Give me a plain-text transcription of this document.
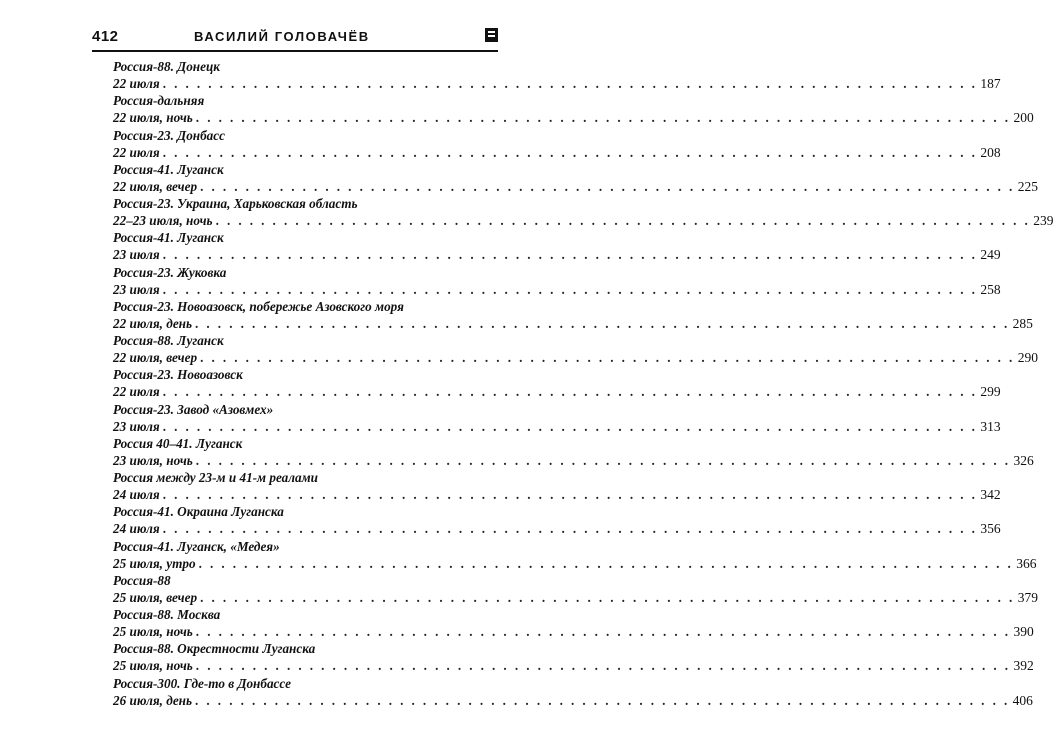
412	ВАСИЛИЙ ГОЛОВАЧЁВ
Россия-88. Донецк
22 июля . . . . . . . . . . . . . . . . . . . . . . . . . . . . . . . . . . . . . . . . . . . . . . . . . . . . . . . . . . . . . . . . . . . . . . . . 187
Россия-дальняя
22 июля, ночь . . . . . . . . . . . . . . . . . . . . . . . . . . . . . . . . . . . . . . . . . . . . . . . . . . . . . . . . . . . . . . . . . . . . . . . . 200
Россия-23. Донбасс
22 июля . . . . . . . . . . . . . . . . . . . . . . . . . . . . . . . . . . . . . . . . . . . . . . . . . . . . . . . . . . . . . . . . . . . . . . . . 208
Россия-41. Луганск
22 июля, вечер . . . . . . . . . . . . . . . . . . . . . . . . . . . . . . . . . . . . . . . . . . . . . . . . . . . . . . . . . . . . . . . . . . . . . . . . 225
Россия-23. Украина, Харьковская область
22–23 июля, ночь . . . . . . . . . . . . . . . . . . . . . . . . . . . . . . . . . . . . . . . . . . . . . . . . . . . . . . . . . . . . . . . . . . . . . . . . 239
Россия-41. Луганск
23 июля . . . . . . . . . . . . . . . . . . . . . . . . . . . . . . . . . . . . . . . . . . . . . . . . . . . . . . . . . . . . . . . . . . . . . . . . 249
Россия-23. Жуковка
23 июля . . . . . . . . . . . . . . . . . . . . . . . . . . . . . . . . . . . . . . . . . . . . . . . . . . . . . . . . . . . . . . . . . . . . . . . . 258
Россия-23. Новоазовск, побережье Азовского моря
22 июля, день . . . . . . . . . . . . . . . . . . . . . . . . . . . . . . . . . . . . . . . . . . . . . . . . . . . . . . . . . . . . . . . . . . . . . . . . 285
Россия-88. Луганск
22 июля, вечер . . . . . . . . . . . . . . . . . . . . . . . . . . . . . . . . . . . . . . . . . . . . . . . . . . . . . . . . . . . . . . . . . . . . . . . . 290
Россия-23. Новоазовск
22 июля . . . . . . . . . . . . . . . . . . . . . . . . . . . . . . . . . . . . . . . . . . . . . . . . . . . . . . . . . . . . . . . . . . . . . . . . 299
Россия-23. Завод «Азовмех»
23 июля . . . . . . . . . . . . . . . . . . . . . . . . . . . . . . . . . . . . . . . . . . . . . . . . . . . . . . . . . . . . . . . . . . . . . . . . 313
Россия 40–41. Луганск
23 июля, ночь . . . . . . . . . . . . . . . . . . . . . . . . . . . . . . . . . . . . . . . . . . . . . . . . . . . . . . . . . . . . . . . . . . . . . . . . 326
Россия между 23-м и 41-м реалами
24 июля . . . . . . . . . . . . . . . . . . . . . . . . . . . . . . . . . . . . . . . . . . . . . . . . . . . . . . . . . . . . . . . . . . . . . . . . 342
Россия-41. Окраина Луганска
24 июля . . . . . . . . . . . . . . . . . . . . . . . . . . . . . . . . . . . . . . . . . . . . . . . . . . . . . . . . . . . . . . . . . . . . . . . . 356
Россия-41. Луганск, «Медея»
25 июля, утро . . . . . . . . . . . . . . . . . . . . . . . . . . . . . . . . . . . . . . . . . . . . . . . . . . . . . . . . . . . . . . . . . . . . . . . . 366
Россия-88
25 июля, вечер . . . . . . . . . . . . . . . . . . . . . . . . . . . . . . . . . . . . . . . . . . . . . . . . . . . . . . . . . . . . . . . . . . . . . . . . 379
Россия-88. Москва
25 июля, ночь . . . . . . . . . . . . . . . . . . . . . . . . . . . . . . . . . . . . . . . . . . . . . . . . . . . . . . . . . . . . . . . . . . . . . . . . 390
Россия-88. Окрестности Луганска
25 июля, ночь . . . . . . . . . . . . . . . . . . . . . . . . . . . . . . . . . . . . . . . . . . . . . . . . . . . . . . . . . . . . . . . . . . . . . . . . 392
Россия-300. Где-то в Донбассе
26 июля, день . . . . . . . . . . . . . . . . . . . . . . . . . . . . . . . . . . . . . . . . . . . . . . . . . . . . . . . . . . . . . . . . . . . . . . . . 406
